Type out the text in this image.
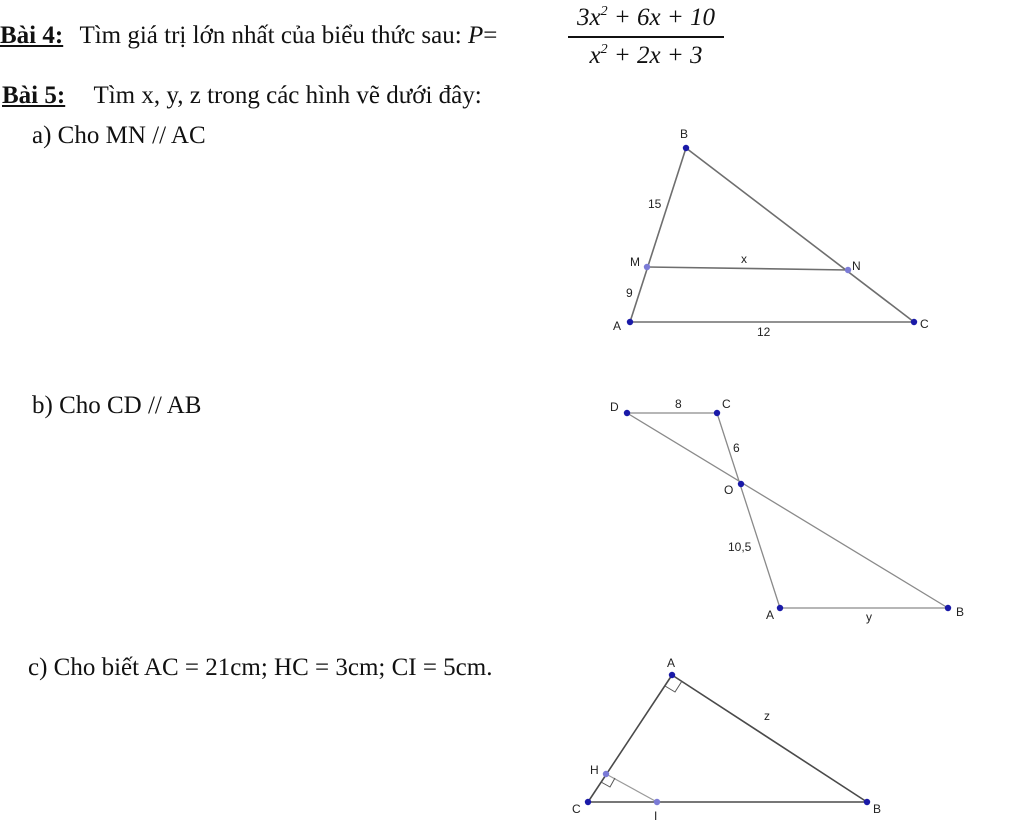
Bài 4: Tìm giá trị lớn nhất của biểu thức sau: P=
$3x^2 + 6x + 10$
$x^2 + 2x + 3$
Bài 5: Tìm x, y, z trong các hình vẽ dưới đây:
a) Cho MN // AC
b) Cho CD // AB
c) Cho biết AC = 21cm; HC = 3cm; CI = 5cm.
B
M	N
A	C
15
x
9
12
D	C
O
A	B
8
6
10,5
y
A
H
C	I	B
z
